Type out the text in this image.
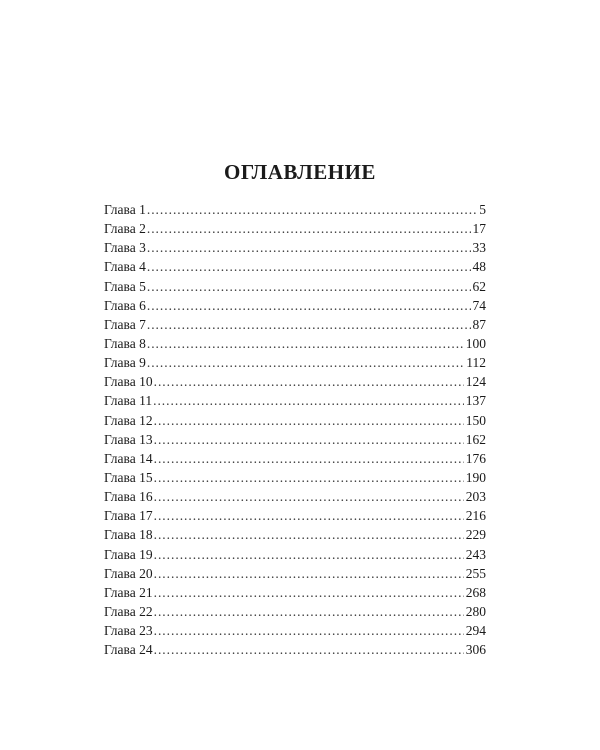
ОГЛАВЛЕНИЕ
Глава 1 . . .	5
Глава 2 . . .	17
Глава 3 . . .	33
Глава 4 . . .	48
Глава 5 . . .	62
Глава 6 . . .	74
Глава 7 . . .	87
Глава 8 . . .	100
Глава 9 . . .	112
Глава 10 . . .	124
Глава 11 . . .	137
Глава 12 . . .	150
Глава 13 . . .	162
Глава 14 . . .	176
Глава 15 . . .	190
Глава 16 . . .	203
Глава 17 . . .	216
Глава 18 . . .	229
Глава 19 . . .	243
Глава 20 . . .	255
Глава 21 . . .	268
Глава 22 . . .	280
Глава 23 . . .	294
Глава 24 . . .	306
